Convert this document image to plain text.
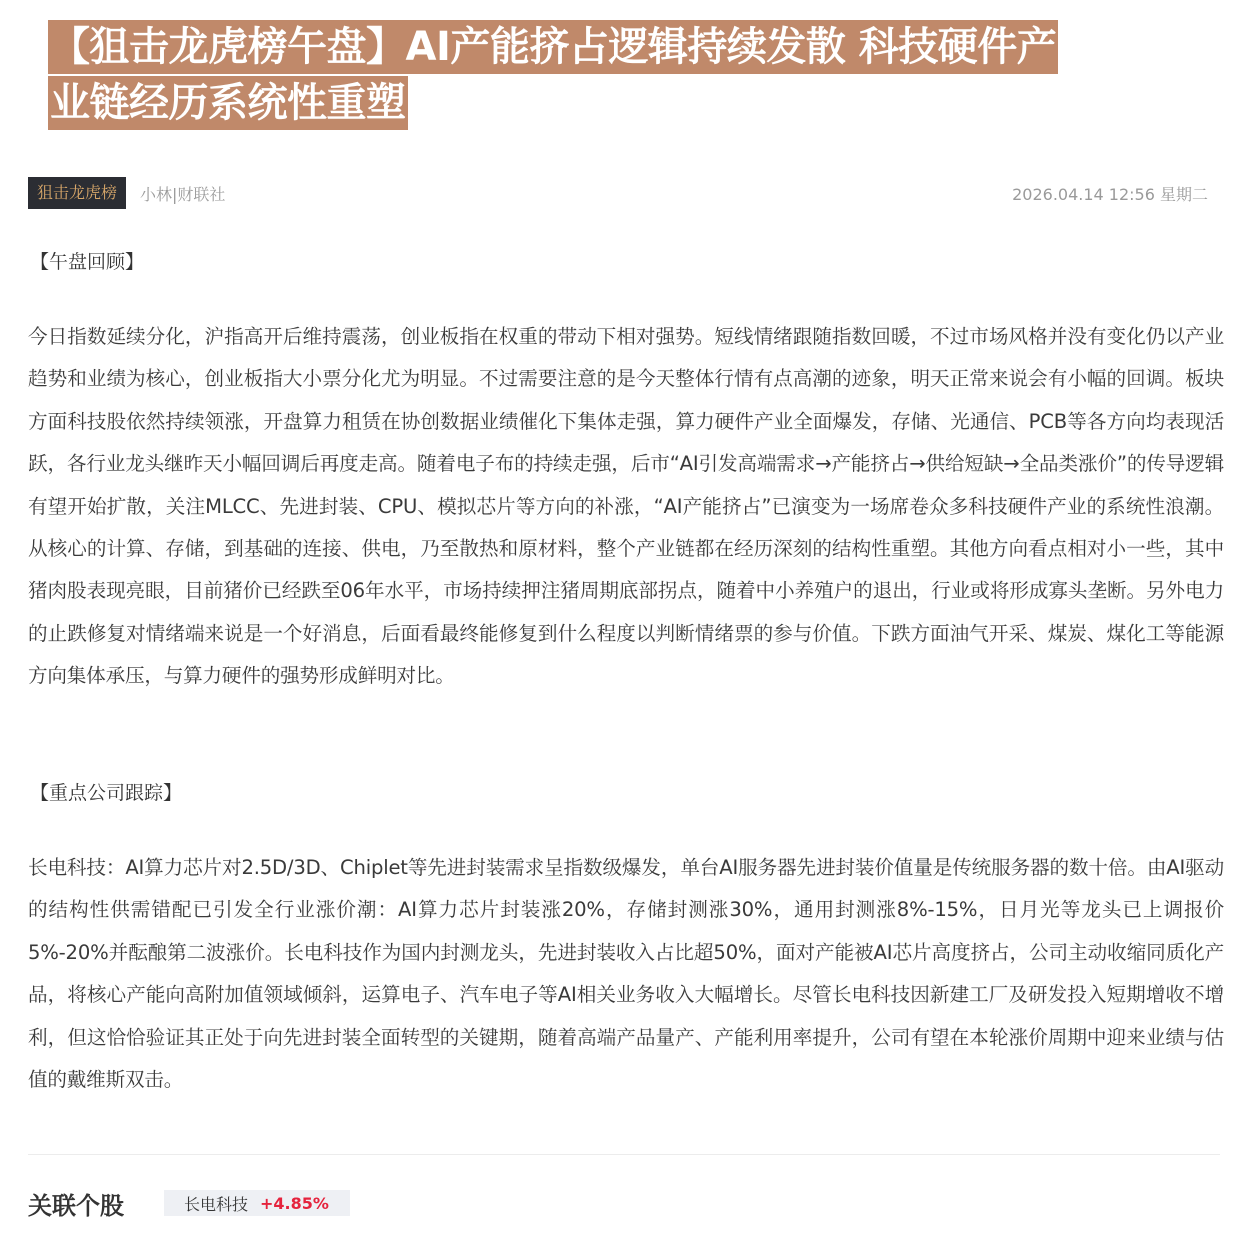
【狙击龙虎榜午盘】AI产能挤占逻辑持续发散 科技硬件产
业链经历系统性重塑
狙击龙虎榜	小林|财联社	2026.04.14 12:56 星期二
【午盘回顾】
今日指数延续分化，沪指高开后维持震荡，创业板指在权重的带动下相对强势。短线情绪跟随指数回暖，不过市场风格并没有变化仍以产业趋势和业绩为核心，创业板指大小票分化尤为明显。不过需要注意的是今天整体行情有点高潮的迹象，明天正常来说会有小幅的回调。板块方面科技股依然持续领涨，开盘算力租赁在协创数据业绩催化下集体走强，算力硬件产业全面爆发，存储、光通信、PCB等各方向均表现活跃，各行业龙头继昨天小幅回调后再度走高。随着电子布的持续走强，后市“AI引发高端需求→产能挤占→供给短缺→全品类涨价”的传导逻辑有望开始扩散，关注MLCC、先进封装、CPU、模拟芯片等方向的补涨，“AI产能挤占”已演变为一场席卷众多科技硬件产业的系统性浪潮。从核心的计算、存储，到基础的连接、供电，乃至散热和原材料，整个产业链都在经历深刻的结构性重塑。其他方向看点相对小一些，其中猪肉股表现亮眼，目前猪价已经跌至06年水平，市场持续押注猪周期底部拐点，随着中小养殖户的退出，行业或将形成寡头垄断。另外电力的止跌修复对情绪端来说是一个好消息，后面看最终能修复到什么程度以判断情绪票的参与价值。下跌方面油气开采、煤炭、煤化工等能源方向集体承压，与算力硬件的强势形成鲜明对比。
【重点公司跟踪】
长电科技：AI算力芯片对2.5D/3D、Chiplet等先进封装需求呈指数级爆发，单台AI服务器先进封装价值量是传统服务器的数十倍。由AI驱动的结构性供需错配已引发全行业涨价潮：AI算力芯片封装涨20%，存储封测涨30%，通用封测涨8%-15%，日月光等龙头已上调报价5%-20%并酝酿第二波涨价。长电科技作为国内封测龙头，先进封装收入占比超50%，面对产能被AI芯片高度挤占，公司主动收缩同质化产品，将核心产能向高附加值领域倾斜，运算电子、汽车电子等AI相关业务收入大幅增长。尽管长电科技因新建工厂及研发投入短期增收不增利，但这恰恰验证其正处于向先进封装全面转型的关键期，随着高端产品量产、产能利用率提升，公司有望在本轮涨价周期中迎来业绩与估值的戴维斯双击。
关联个股	长电科技 +4.85%
